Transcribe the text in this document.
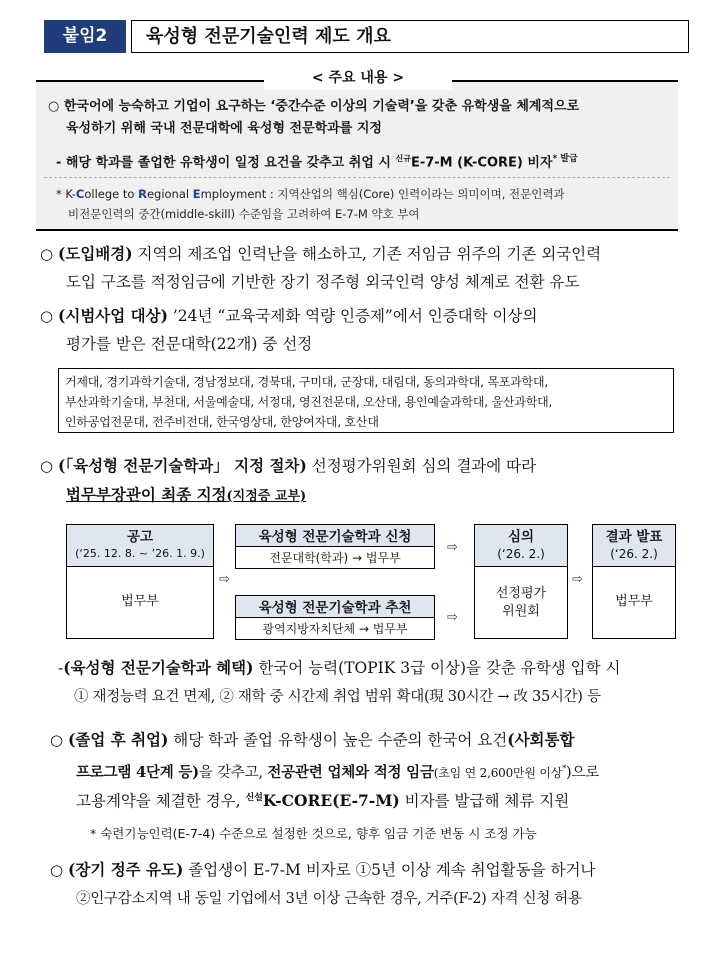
붙임2	육성형 전문기술인력 제도 개요
< 주요 내용 >
○ 한국어에 능숙하고 기업이 요구하는 ‘중간수준 이상의 기술력’을 갖춘 유학생을 체계적으로
육성하기 위해 국내 전문대학에 육성형 전문학과를 지정
- 해당 학과를 졸업한 유학생이 일정 요건을 갖추고 취업 시 $^{신규}$E-7-M (K-CORE) 비자$^{* 발급}$
* K-College to Regional Employment : 지역산업의 핵심(Core) 인력이라는 의미이며, 전문인력과
비전문인력의 중간(middle-skill) 수준임을 고려하여 E-7-M 약호 부여
○ (도입배경) 지역의 제조업 인력난을 해소하고, 기존 저임금 위주의 기존 외국인력
도입 구조를 적정임금에 기반한 장기 정주형 외국인력 양성 체계로 전환 유도
○ (시범사업 대상) ’24년 “교육국제화 역량 인증제”에서 인증대학 이상의
평가를 받은 전문대학(22개) 중 선정
거제대, 경기과학기술대, 경남정보대, 경북대, 구미대, 군장대, 대림대, 동의과학대, 목포과학대,
부산과학기술대, 부천대, 서울예술대, 서정대, 영진전문대, 오산대, 용인예술과학대, 울산과학대,
인하공업전문대, 전주비전대, 한국영상대, 한양여자대, 호산대
○ (「육성형 전문기술학과」 지정 절차) 선정평가위원회 심의 결과에 따라
법무부장관이 최종 지정(지정증 교부)
공고
(‘25. 12. 8. ~ ’26. 1. 9.)
법무부
⇨
육성형 전문기술학과 신청
전문대학(학과) → 법무부
육성형 전문기술학과 추천
광역지방자치단체 → 법무부
⇨
⇨
심의
(‘26. 2.)
선정평가
위원회
⇨
결과 발표
(‘26. 2.)
법무부
-(육성형 전문기술학과 혜택) 한국어 능력(TOPIK 3급 이상)을 갖춘 유학생 입학 시
① 재정능력 요건 면제, ② 재학 중 시간제 취업 범위 확대(現 30시간 → 改 35시간) 등
○ (졸업 후 취업) 해당 학과 졸업 유학생이 높은 수준의 한국어 요건(사회통합
프로그램 4단계 등)을 갖추고, 전공관련 업체와 적정 임금(초임 연 2,600만원 이상*)으로
고용계약을 체결한 경우, $^{신설}$K-CORE(E-7-M) 비자를 발급해 체류 지원
* 숙련기능인력(E-7-4) 수준으로 설정한 것으로, 향후 임금 기준 변동 시 조정 가능
○ (장기 정주 유도) 졸업생이 E-7-M 비자로 ①5년 이상 계속 취업활동을 하거나
②인구감소지역 내 동일 기업에서 3년 이상 근속한 경우, 거주(F-2) 자격 신청 허용
